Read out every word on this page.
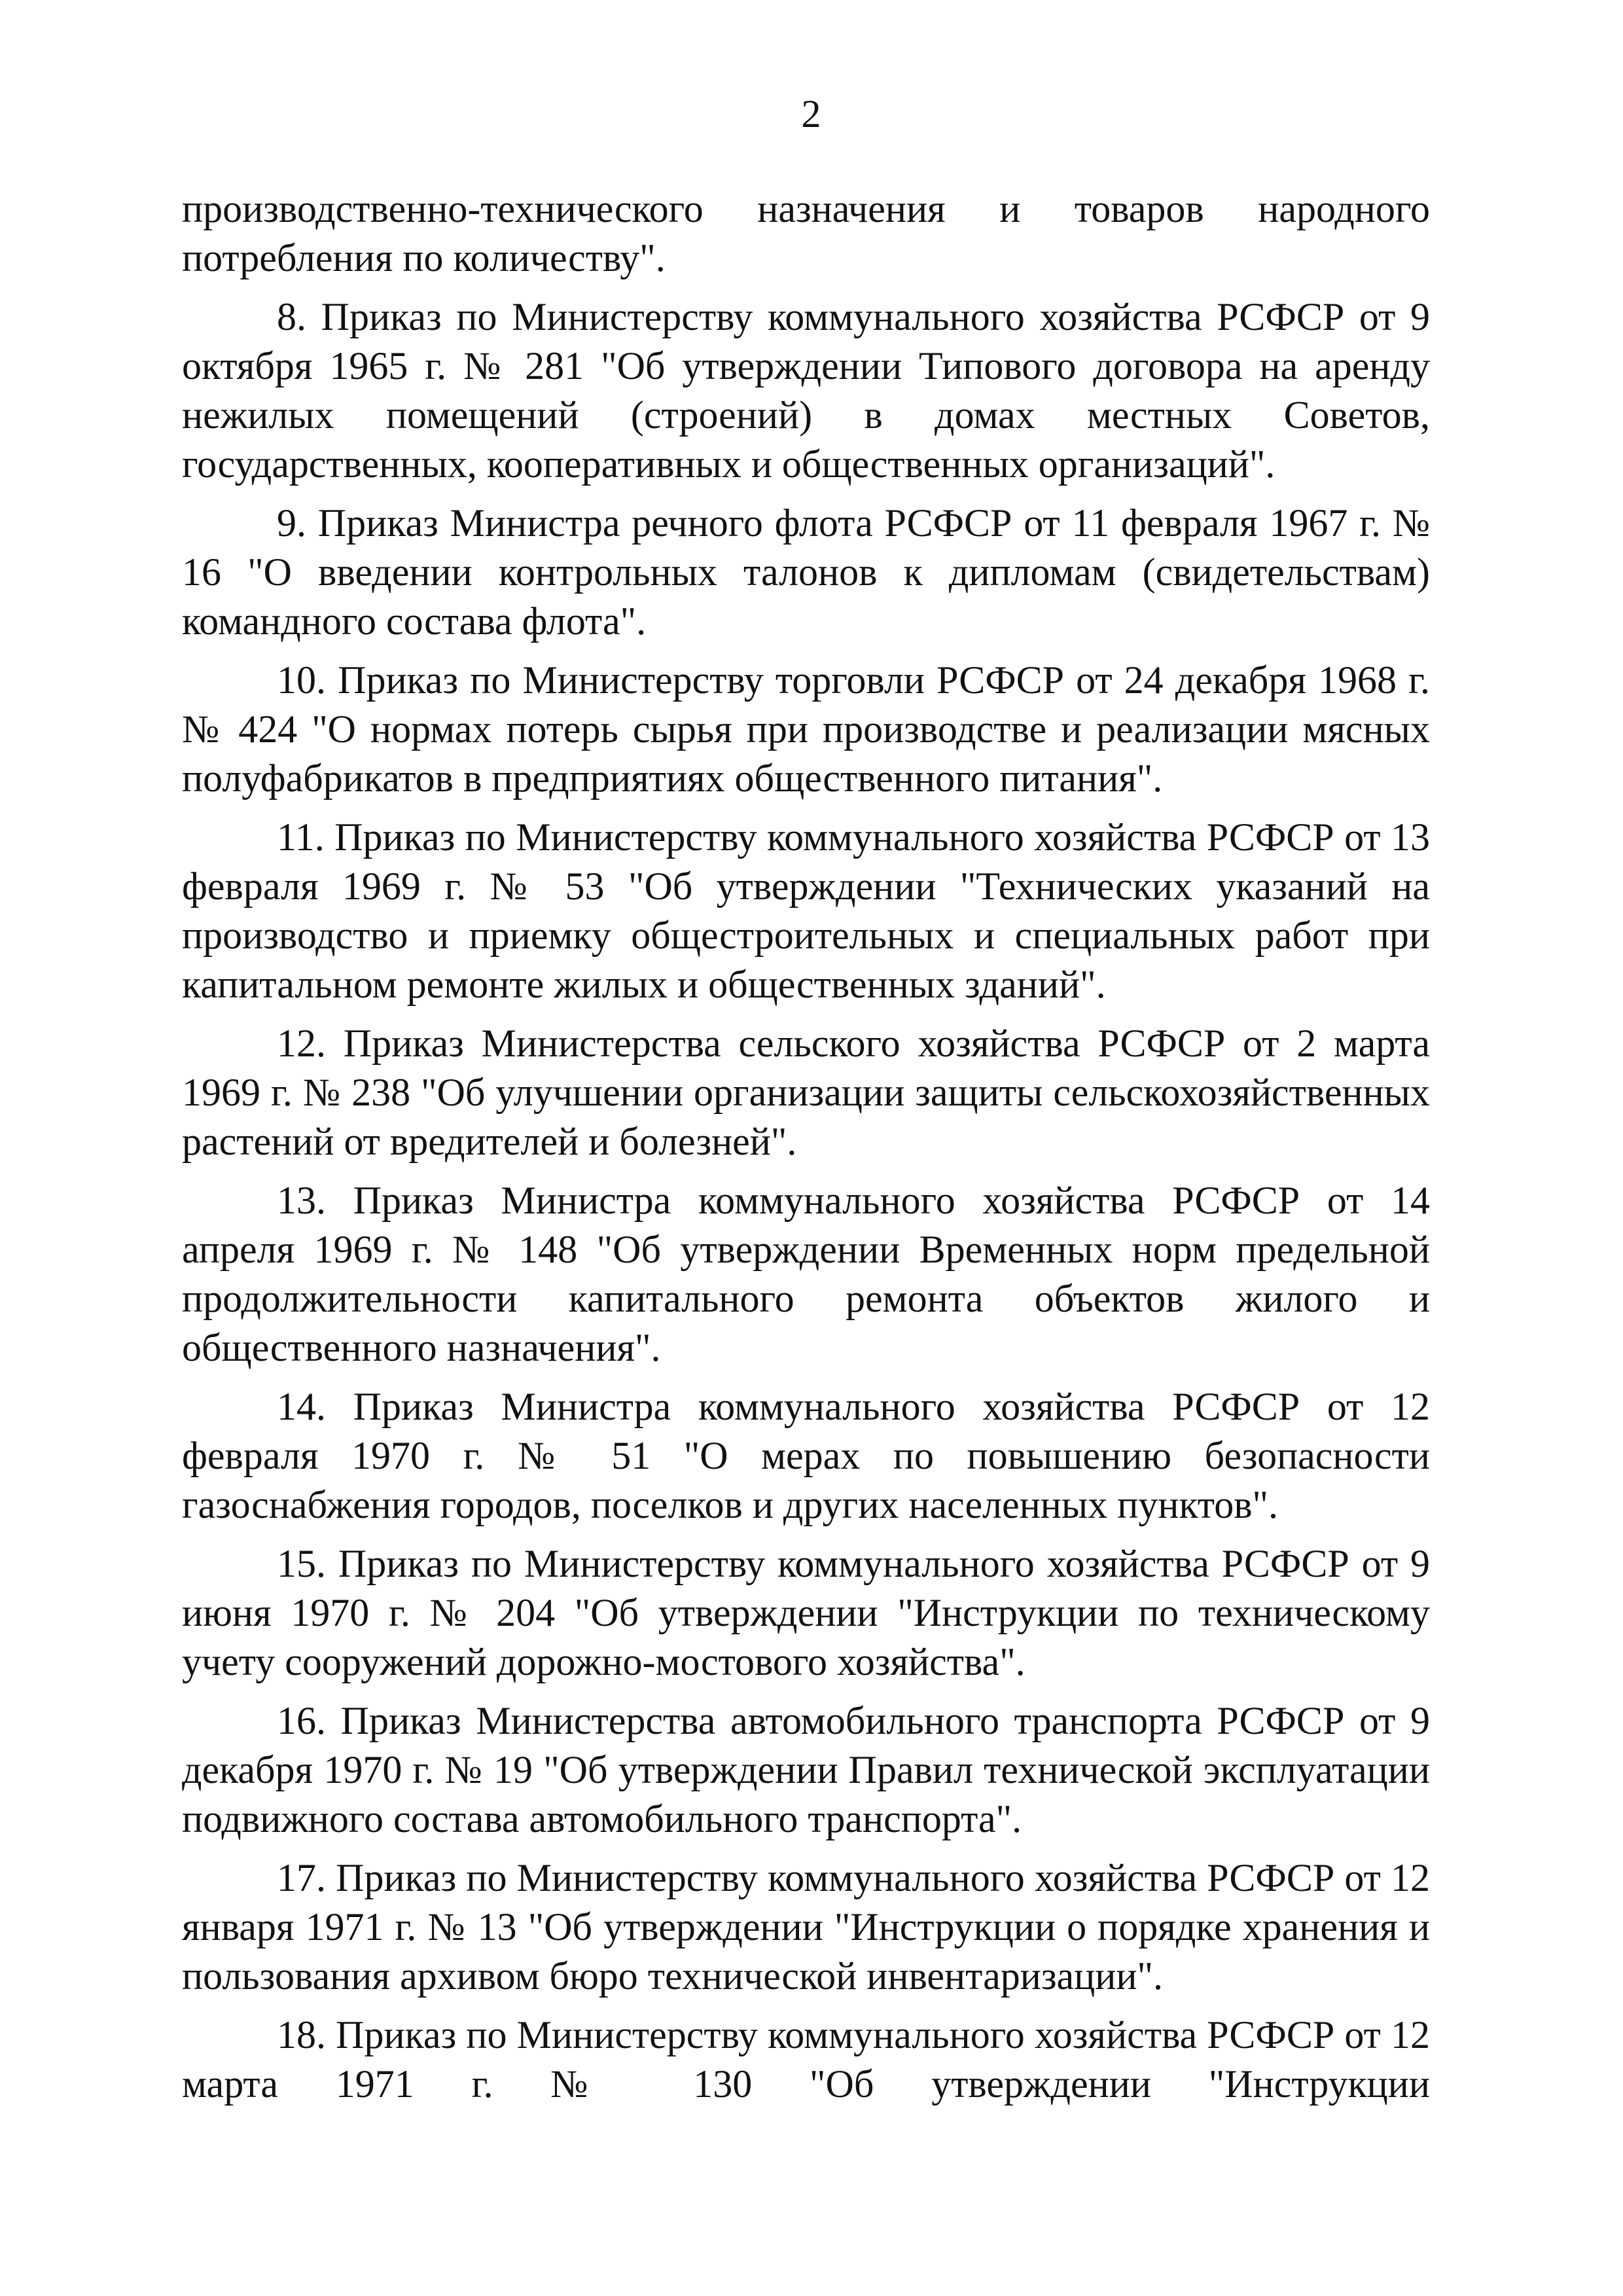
2

производственно-технического назначения и товаров народного потребления по количеству".

8. Приказ по Министерству коммунального хозяйства РСФСР от 9 октября 1965 г. № 281 "Об утверждении Типового договора на аренду нежилых помещений (строений) в домах местных Советов, государственных, кооперативных и общественных организаций".

9. Приказ Министра речного флота РСФСР от 11 февраля 1967 г. № 16 "О введении контрольных талонов к дипломам (свидетельствам) командного состава флота".

10. Приказ по Министерству торговли РСФСР от 24 декабря 1968 г. № 424 "О нормах потерь сырья при производстве и реализации мясных полуфабрикатов в предприятиях общественного питания".

11. Приказ по Министерству коммунального хозяйства РСФСР от 13 февраля 1969 г. № 53 "Об утверждении "Технических указаний на производство и приемку общестроительных и специальных работ при капитальном ремонте жилых и общественных зданий".

12. Приказ Министерства сельского хозяйства РСФСР от 2 марта 1969 г. № 238 "Об улучшении организации защиты сельскохозяйственных растений от вредителей и болезней".

13. Приказ Министра коммунального хозяйства РСФСР от 14 апреля 1969 г. № 148 "Об утверждении Временных норм предельной продолжительности капитального ремонта объектов жилого и общественного назначения".

14. Приказ Министра коммунального хозяйства РСФСР от 12 февраля 1970 г. № 51 "О мерах по повышению безопасности газоснабжения городов, поселков и других населенных пунктов".

15. Приказ по Министерству коммунального хозяйства РСФСР от 9 июня 1970 г. № 204 "Об утверждении "Инструкции по техническому учету сооружений дорожно-мостового хозяйства".

16. Приказ Министерства автомобильного транспорта РСФСР от 9 декабря 1970 г. № 19 "Об утверждении Правил технической эксплуатации подвижного состава автомобильного транспорта".

17. Приказ по Министерству коммунального хозяйства РСФСР от 12 января 1971 г. № 13 "Об утверждении "Инструкции о порядке хранения и пользования архивом бюро технической инвентаризации".

18. Приказ по Министерству коммунального хозяйства РСФСР от 12 марта 1971 г. № 130 "Об утверждении "Инструкции
